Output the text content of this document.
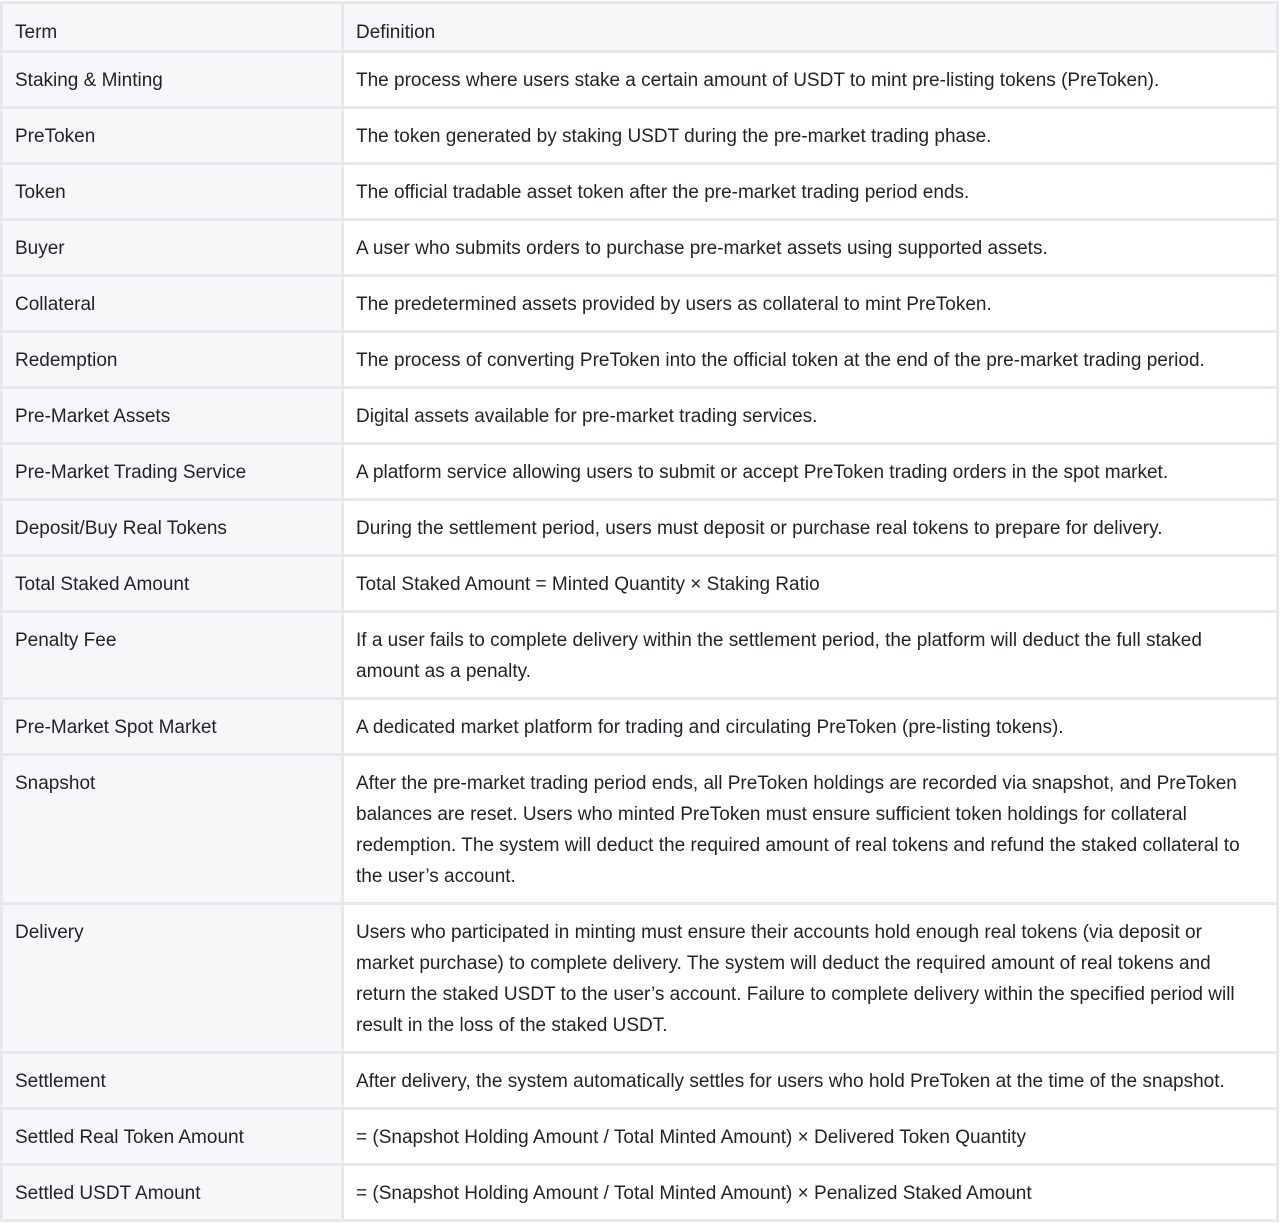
Term	Definition
Staking & Minting	The process where users stake a certain amount of USDT to mint pre-listing tokens (PreToken).
PreToken	The token generated by staking USDT during the pre-market trading phase.
Token	The official tradable asset token after the pre-market trading period ends.
Buyer	A user who submits orders to purchase pre-market assets using supported assets.
Collateral	The predetermined assets provided by users as collateral to mint PreToken.
Redemption	The process of converting PreToken into the official token at the end of the pre-market trading period.
Pre-Market Assets	Digital assets available for pre-market trading services.
Pre-Market Trading Service	A platform service allowing users to submit or accept PreToken trading orders in the spot market.
Deposit/Buy Real Tokens	During the settlement period, users must deposit or purchase real tokens to prepare for delivery.
Total Staked Amount	Total Staked Amount = Minted Quantity × Staking Ratio
Penalty Fee	If a user fails to complete delivery within the settlement period, the platform will deduct the full staked amount as a penalty.
Pre-Market Spot Market	A dedicated market platform for trading and circulating PreToken (pre-listing tokens).
Snapshot	After the pre-market trading period ends, all PreToken holdings are recorded via snapshot, and PreToken balances are reset. Users who minted PreToken must ensure sufficient token holdings for collateral redemption. The system will deduct the required amount of real tokens and refund the staked collateral to the user’s account.
Delivery	Users who participated in minting must ensure their accounts hold enough real tokens (via deposit or market purchase) to complete delivery. The system will deduct the required amount of real tokens and return the staked USDT to the user’s account. Failure to complete delivery within the specified period will result in the loss of the staked USDT.
Settlement	After delivery, the system automatically settles for users who hold PreToken at the time of the snapshot.
Settled Real Token Amount	= (Snapshot Holding Amount / Total Minted Amount) × Delivered Token Quantity
Settled USDT Amount	= (Snapshot Holding Amount / Total Minted Amount) × Penalized Staked Amount
